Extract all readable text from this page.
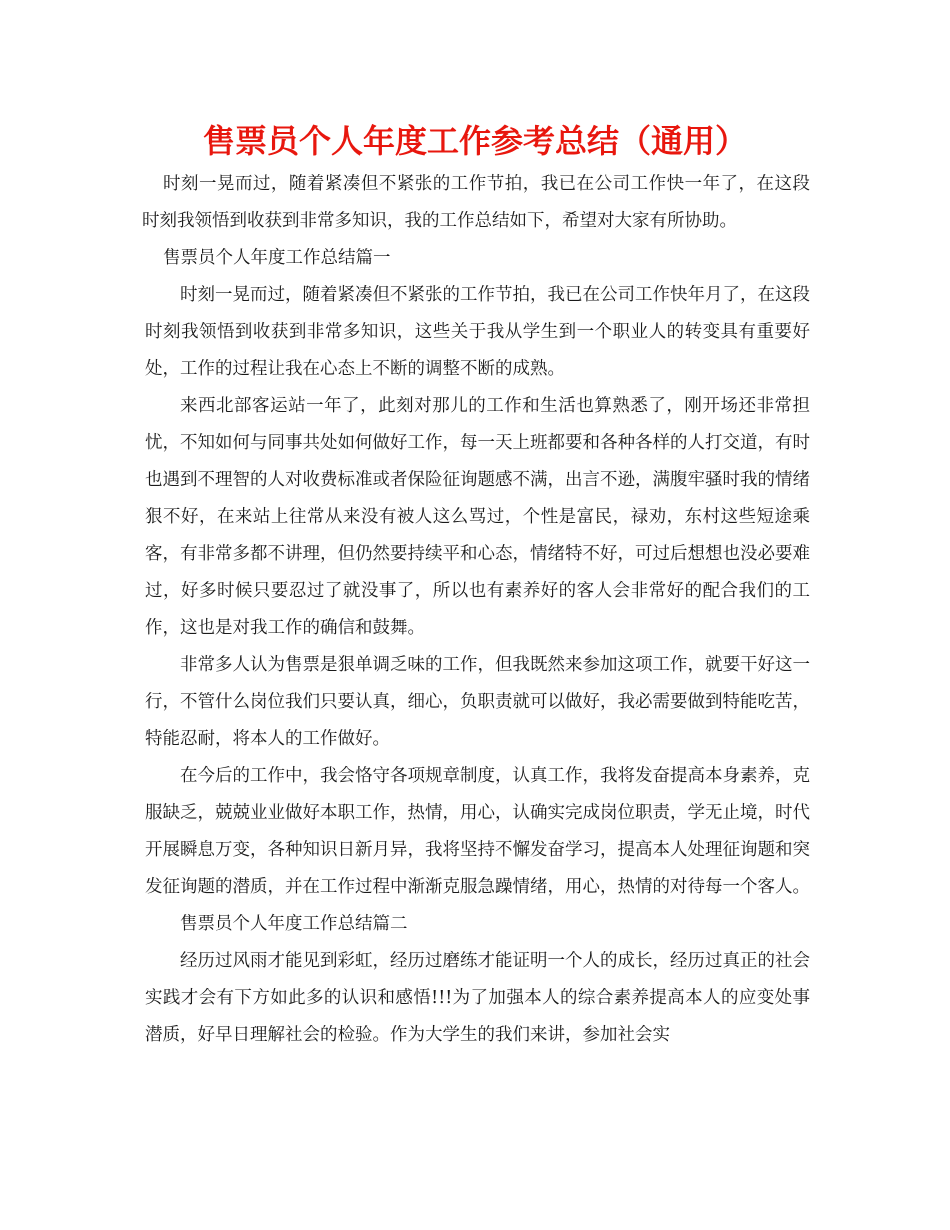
售票员个人年度工作参考总结（通用）

时刻一晃而过，随着紧凑但不紧张的工作节拍，我已在公司工作快一年了，在这段时刻我领悟到收获到非常多知识，我的工作总结如下，希望对大家有所协助。

售票员个人年度工作总结篇一

时刻一晃而过，随着紧凑但不紧张的工作节拍，我已在公司工作快年月了，在这段时刻我领悟到收获到非常多知识，这些关于我从学生到一个职业人的转变具有重要好处，工作的过程让我在心态上不断的调整不断的成熟。

来西北部客运站一年了，此刻对那儿的工作和生活也算熟悉了，刚开场还非常担忧，不知如何与同事共处如何做好工作，每一天上班都要和各种各样的人打交道，有时也遇到不理智的人对收费标准或者保险征询题感不满，出言不逊，满腹牢骚时我的情绪狠不好，在来站上往常从来没有被人这么骂过，个性是富民，禄劝，东村这些短途乘客，有非常多都不讲理，但仍然要持续平和心态，情绪特不好，可过后想想也没必要难过，好多时候只要忍过了就没事了，所以也有素养好的客人会非常好的配合我们的工作，这也是对我工作的确信和鼓舞。

非常多人认为售票是狠单调乏味的工作，但我既然来参加这项工作，就要干好这一行，不管什么岗位我们只要认真，细心，负职责就可以做好，我必需要做到特能吃苦，特能忍耐，将本人的工作做好。

在今后的工作中，我会恪守各项规章制度，认真工作，我将发奋提高本身素养，克服缺乏，兢兢业业做好本职工作，热情，用心，认确实完成岗位职责，学无止境，时代开展瞬息万变，各种知识日新月异，我将坚持不懈发奋学习，提高本人处理征询题和突发征询题的潜质，并在工作过程中渐渐克服急躁情绪，用心，热情的对待每一个客人。

售票员个人年度工作总结篇二

经历过风雨才能见到彩虹，经历过磨练才能证明一个人的成长，经历过真正的社会实践才会有下方如此多的认识和感悟!!!为了加强本人的综合素养提高本人的应变处事潜质，好早日理解社会的检验。作为大学生的我们来讲，参加社会实
